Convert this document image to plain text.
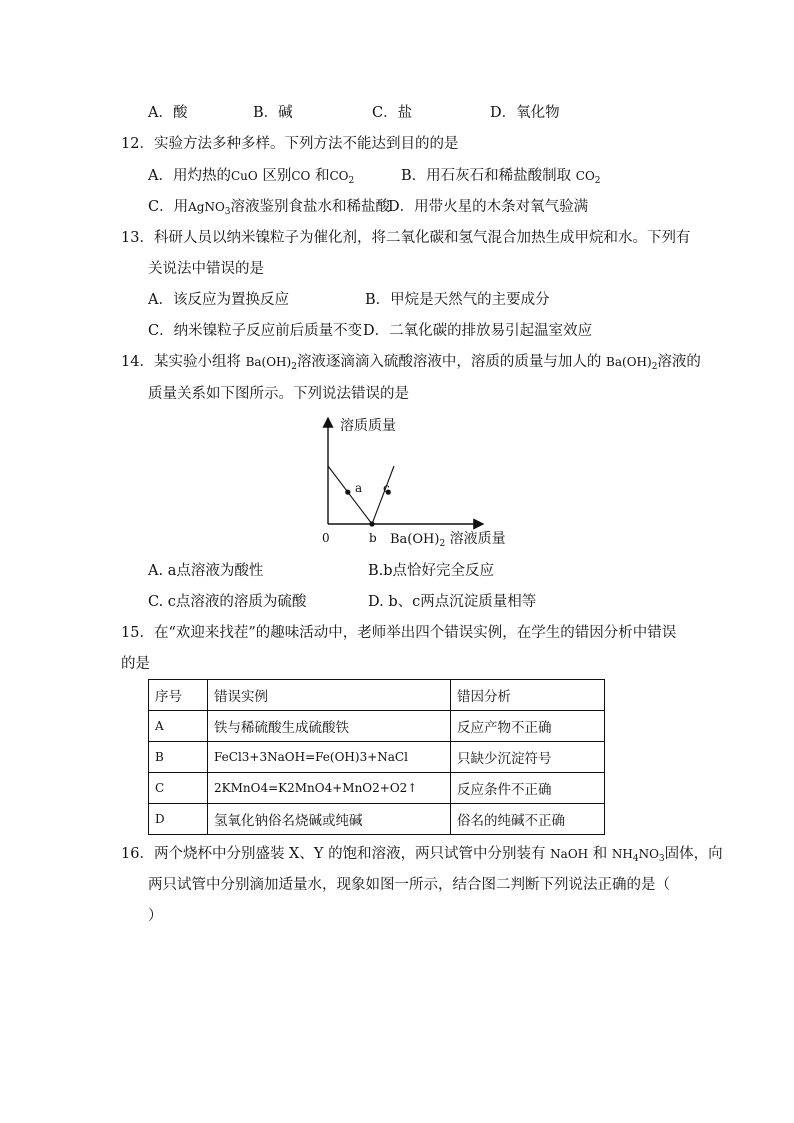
A．酸	B．碱	C．盐	D．氧化物
12．实验方法多种多样。下列方法不能达到目的的是
A．用灼热的CuO 区别CO 和$CO_2$	B．用石灰石和稀盐酸制取 $CO_2$
C．用AgNO$_3$溶液鉴别食盐水和稀盐酸
D．用带火星的木条对氧气验满
13．科研人员以纳米镍粒子为催化剂，将二氧化碳和氢气混合加热生成甲烷和水。下列有
关说法中错误的是
A．该反应为置换反应	B．甲烷是天然气的主要成分
C．纳米镍粒子反应前后质量不变 D．二氧化碳的排放易引起温室效应
14．某实验小组将 $Ba(OH)_2$溶液逐滴滴入硫酸溶液中，溶质的质量与加人的 $Ba(OH)_2$溶液的
质量关系如下图所示。下列说法错误的是
溶质质量
0	$Ba(OH)_2$ 溶液质量
a
b
c
A. a点溶液为酸性	B.b点恰好完全反应
C. c点溶液的溶质为硫酸	D. b、c两点沉淀质量相等
15．在“欢迎来找茬”的趣味活动中，老师举出四个错误实例，在学生的错因分析中错误
的是
序号	错误实例	错因分析
A	铁与稀硫酸生成硫酸铁	反应产物不正确
B	FeCl3+3NaOH=Fe(OH)3+NaCl	只缺少沉淀符号
C	2KMnO4=K2MnO4+MnO2+O2↑	反应条件不正确
D	氢氧化钠俗名烧碱或纯碱	俗名的纯碱不正确
16．两个烧杯中分别盛装 X、Y 的饱和溶液，两只试管中分别装有 NaOH 和 $NH_4NO_3$固体，向
两只试管中分别滴加适量水，现象如图一所示，结合图二判断下列说法正确的是（
）
